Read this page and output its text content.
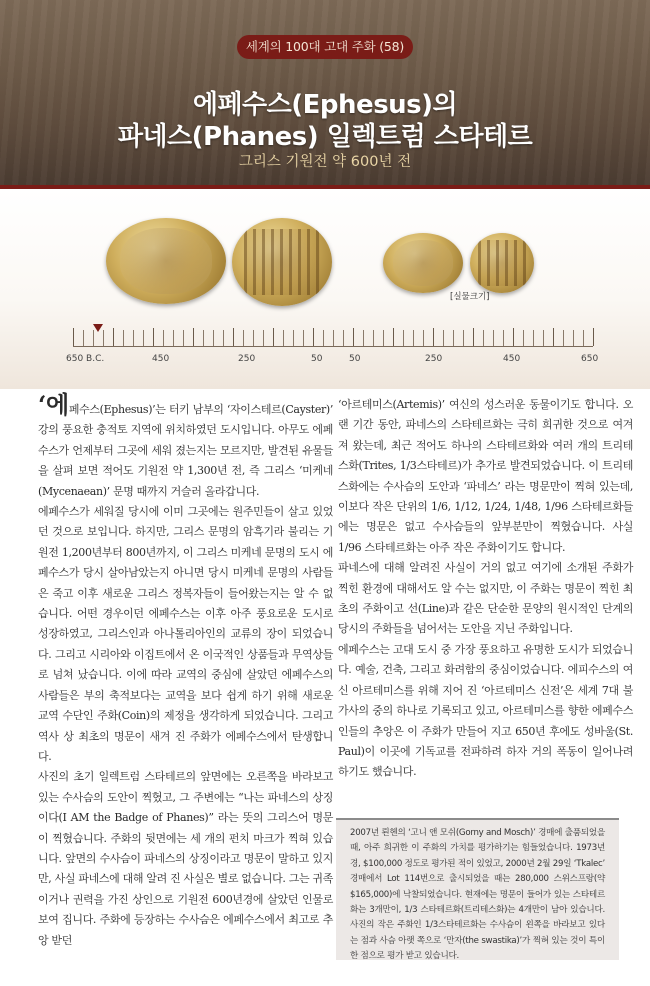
세계의 100대 고대 주화 (58)
에페수스(Ephesus)의
파네스(Phanes) 일렉트럼 스타테르
그리스 기원전 약 600년 전
[실물크기]
650 B.C.	450	250	50	50	250	450	650

‘에페수스(Ephesus)’는 터키 남부의 ‘자이스테르(Cayster)’ 강의 풍요한 충적토 지역에 위치하였던 도시입니다. 아무도 에페수스가 언제부터 그곳에 세워 졌는지는 모르지만, 발견된 유물들을 살펴 보면 적어도 기원전 약 1,300년 전, 즉 그리스 ‘미케네(Mycenaean)’ 문명 때까지 거슬러 올라갑니다.

에페수스가 세워질 당시에 이미 그곳에는 원주민들이 살고 있었던 것으로 보입니다. 하지만, 그리스 문명의 암흑기라 불리는 기원전 1,200년부터 800년까지, 이 그리스 미케네 문명의 도시 에페수스가 당시 살아남았는지 아니면 당시 미케네 문명의 사람들은 죽고 이후 새로운 그리스 정복자들이 들어왔는지는 알 수 없습니다. 어떤 경우이던 에페수스는 이후 아주 풍요로운 도시로 성장하였고, 그리스인과 아나톨리아인의 교류의 장이 되었습니다. 그리고 시리아와 이집트에서 온 이국적인 상품들과 무역상들로 넘쳐 났습니다. 이에 따라 교역의 중심에 살았던 에페수스의 사람들은 부의 축적보다는 교역을 보다 쉽게 하기 위해 새로운 교역 수단인 주화(Coin)의 제정을 생각하게 되었습니다. 그리고 역사 상 최초의 명문이 새겨 진 주화가 에페수스에서 탄생합니다.

사진의 초기 일렉트럼 스타테르의 앞면에는 오른쪽을 바라보고 있는 수사슴의 도안이 찍혔고, 그 주변에는 “나는 파네스의 상징이다(I AM the Badge of Phanes)” 라는 뜻의 그리스어 명문이 찍혔습니다. 주화의 뒷면에는 세 개의 펀치 마크가 찍혀 있습니다. 앞면의 수사슴이 파네스의 상징이라고 명문이 말하고 있지만, 사실 파네스에 대해 알려 진 사실은 별로 없습니다. 그는 귀족이거나 권력을 가진 상인으로 기원전 600년경에 살았던 인물로 보여 집니다. 주화에 등장하는 수사슴은 에페수스에서 최고로 추앙 받던

‘아르테미스(Artemis)’ 여신의 성스러운 동물이기도 합니다. 오랜 기간 동안, 파네스의 스타테르화는 극히 희귀한 것으로 여겨 져 왔는데, 최근 적어도 하나의 스타테르화와 여러 개의 트리테스화(Trites, 1/3스타테르)가 추가로 발견되었습니다. 이 트리테스화에는 수사슴의 도안과 ‘파네스’ 라는 명문만이 찍혀 있는데, 이보다 작은 단위의 1/6, 1/12, 1/24, 1/48, 1/96 스타테르화들에는 명문은 없고 수사슴들의 앞부분만이 찍혔습니다. 사실 1/96 스타테르화는 아주 작은 주화이기도 합니다.

파네스에 대해 알려진 사실이 거의 없고 여기에 소개된 주화가 찍힌 환경에 대해서도 알 수는 없지만, 이 주화는 명문이 찍힌 최초의 주화이고 선(Line)과 같은 단순한 문양의 원시적인 단계의 당시의 주화들을 넘어서는 도안을 지닌 주화입니다.

에페수스는 고대 도시 중 가장 풍요하고 유명한 도시가 되었습니다. 예술, 건축, 그리고 화려함의 중심이었습니다. 에피수스의 여신 아르테미스를 위해 지어 진 ‘아르테미스 신전’은 세계 7대 불가사의 중의 하나로 기록되고 있고, 아르테미스를 향한 에페수스인들의 추앙은 이 주화가 만들어 지고 650년 후에도 성바울(St. Paul)이 이곳에 기독교를 전파하려 하자 거의 폭동이 일어나려 하기도 했습니다.

2007년 뢴헨의 ‘고니 앤 모쉬(Gorny and Mosch)’ 경매에 출품되었을 때, 아주 희귀한 이 주화의 가치를 평가하기는 힘들었습니다. 1973년경, $100,000 정도로 평가된 적이 있었고, 2000년 2월 29일 ‘Tkalec’ 경매에서 Lot 114번으로 출시되었을 때는 280,000 스위스프랑(약 $165,000)에 낙찰되었습니다. 현재에는 명문이 들어가 있는 스타테르화는 3개만이, 1/3 스타테르화(트리테스화)는 4개만이 남아 있습니다. 사진의 작은 주화인 1/3스타테르화는 수사슴이 왼쪽을 바라보고 있다는 점과 사슴 아랫 쪽으로 ‘만자(the swastika)’가 찍혀 있는 것이 특이 한 점으로 평가 받고 있습니다.
